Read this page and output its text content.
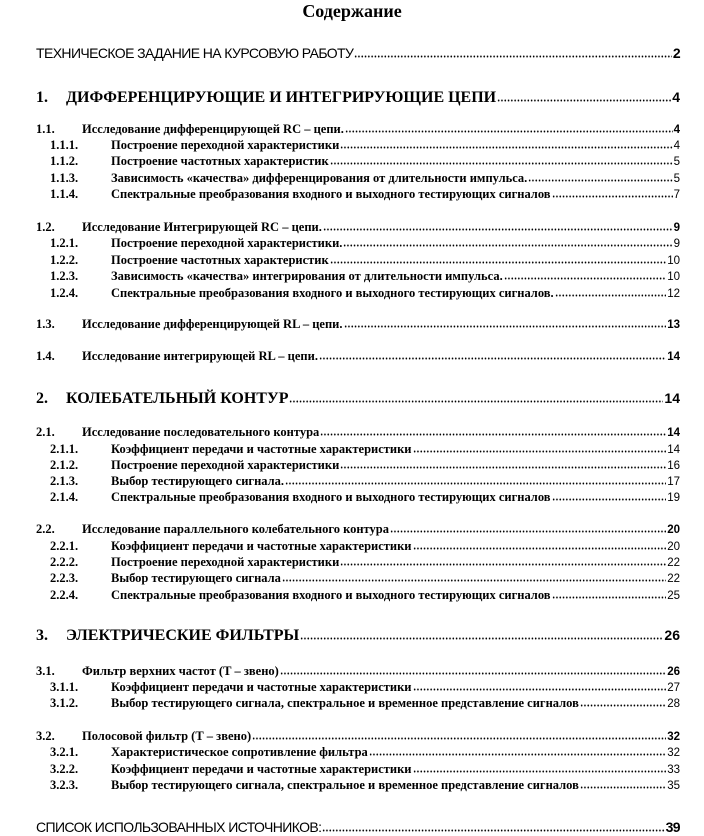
Содержание
ТЕХНИЧЕСКОЕ ЗАДАНИЕ НА КУРСОВУЮ РАБОТУ	2
1.	ДИФФЕРЕНЦИРУЮЩИЕ И ИНТЕГРИРУЮЩИЕ ЦЕПИ	4
1.1.	Исследование дифференцирующей RC – цепи.	4
1.1.1.	Построение переходной характеристики	4
1.1.2.	Построение частотных характеристик	5
1.1.3.	Зависимость «качества» дифференцирования от длительности импульса.	5
1.1.4.	Спектральные преобразования входного и выходного тестирующих сигналов	7
1.2.	Исследование Интегрирующей RC – цепи.	9
1.2.1.	Построение переходной характеристики.	9
1.2.2.	Построение частотных характеристик	10
1.2.3.	Зависимость «качества» интегрирования от длительности импульса.	10
1.2.4.	Спектральные преобразования входного и выходного тестирующих сигналов.	12
1.3.	Исследование дифференцирующей RL – цепи.	13
1.4.	Исследование интегрирующей RL – цепи.	14
2.	КОЛЕБАТЕЛЬНЫЙ КОНТУР	14
2.1.	Исследование последовательного контура	14
2.1.1.	Коэффициент передачи и частотные характеристики	14
2.1.2.	Построение переходной характеристики	16
2.1.3.	Выбор тестирующего сигнала.	17
2.1.4.	Спектральные преобразования входного и выходного тестирующих сигналов	19
2.2.	Исследование параллельного колебательного контура	20
2.2.1.	Коэффициент передачи и частотные характеристики	20
2.2.2.	Построение переходной характеристики	22
2.2.3.	Выбор тестирующего сигнала	22
2.2.4.	Спектральные преобразования входного и выходного тестирующих сигналов	25
3.	ЭЛЕКТРИЧЕСКИЕ ФИЛЬТРЫ	26
3.1.	Фильтр верхних частот (Т – звено)	26
3.1.1.	Коэффициент передачи и частотные характеристики	27
3.1.2.	Выбор тестирующего сигнала, спектральное и временное представление сигналов	28
3.2.	Полосовой фильтр (Т – звено)	32
3.2.1.	Характеристическое сопротивление фильтра	32
3.2.2.	Коэффициент передачи и частотные характеристики	33
3.2.3.	Выбор тестирующего сигнала, спектральное и временное представление сигналов	35
СПИСОК ИСПОЛЬЗОВАННЫХ ИСТОЧНИКОВ:	39
